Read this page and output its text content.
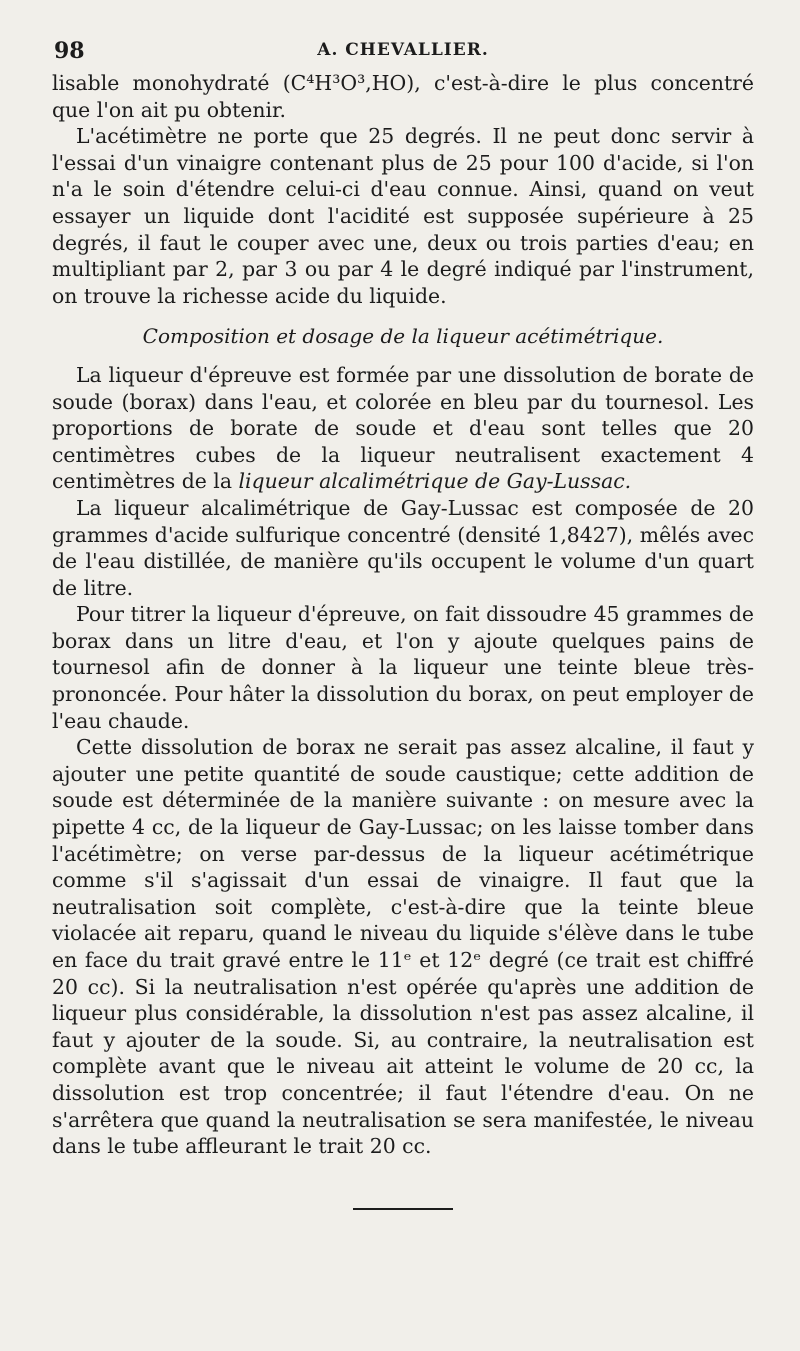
98	A. CHEVALLIER.

lisable monohydraté (C⁴H³O³,HO), c'est-à-dire le plus concentré que l'on ait pu obtenir.

L'acétimètre ne porte que 25 degrés. Il ne peut donc servir à l'essai d'un vinaigre contenant plus de 25 pour 100 d'acide, si l'on n'a le soin d'étendre celui-ci d'eau connue. Ainsi, quand on veut essayer un liquide dont l'acidité est supposée supérieure à 25 degrés, il faut le couper avec une, deux ou trois parties d'eau; en multipliant par 2, par 3 ou par 4 le degré indiqué par l'instrument, on trouve la richesse acide du liquide.

Composition et dosage de la liqueur acétimétrique.

La liqueur d'épreuve est formée par une dissolution de borate de soude (borax) dans l'eau, et colorée en bleu par du tournesol. Les proportions de borate de soude et d'eau sont telles que 20 centimètres cubes de la liqueur neutralisent exactement 4 centimètres de la liqueur alcalimétrique de Gay-Lussac.

La liqueur alcalimétrique de Gay-Lussac est composée de 20 grammes d'acide sulfurique concentré (densité 1,8427), mêlés avec de l'eau distillée, de manière qu'ils occupent le volume d'un quart de litre.

Pour titrer la liqueur d'épreuve, on fait dissoudre 45 grammes de borax dans un litre d'eau, et l'on y ajoute quelques pains de tournesol afin de donner à la liqueur une teinte bleue très-prononcée. Pour hâter la dissolution du borax, on peut employer de l'eau chaude.

Cette dissolution de borax ne serait pas assez alcaline, il faut y ajouter une petite quantité de soude caustique; cette addition de soude est déterminée de la manière suivante : on mesure avec la pipette 4 cc, de la liqueur de Gay-Lussac; on les laisse tomber dans l'acétimètre; on verse par-dessus de la liqueur acétimétrique comme s'il s'agissait d'un essai de vinaigre. Il faut que la neutralisation soit complète, c'est-à-dire que la teinte bleue violacée ait reparu, quand le niveau du liquide s'élève dans le tube en face du trait gravé entre le 11ᵉ et 12ᵉ degré (ce trait est chiffré 20 cc). Si la neutralisation n'est opérée qu'après une addition de liqueur plus considérable, la dissolution n'est pas assez alcaline, il faut y ajouter de la soude. Si, au contraire, la neutralisation est complète avant que le niveau ait atteint le volume de 20 cc, la dissolution est trop concentrée; il faut l'étendre d'eau. On ne s'arrêtera que quand la neutralisation se sera manifestée, le niveau dans le tube affleurant le trait 20 cc.
